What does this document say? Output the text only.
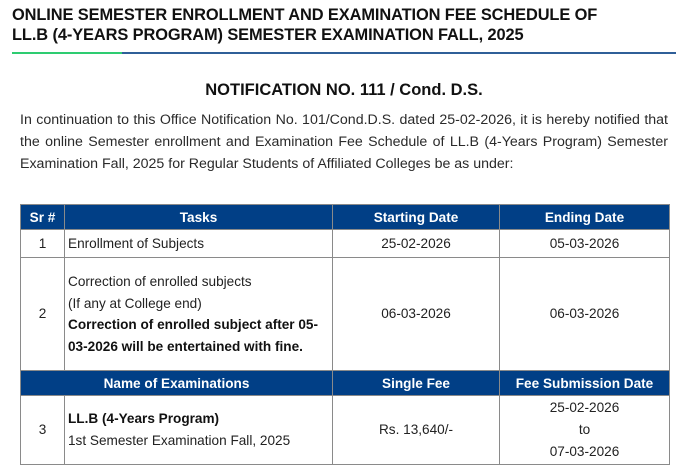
ONLINE SEMESTER ENROLLMENT AND EXAMINATION FEE SCHEDULE OF
LL.B (4-YEARS PROGRAM) SEMESTER EXAMINATION FALL, 2025
NOTIFICATION NO. 111 / Cond. D.S.
In continuation to this Office Notification No. 101/Cond.D.S. dated 25-02-2026, it is hereby notified that the online Semester enrollment and Examination Fee Schedule of LL.B (4-Years Program) Semester Examination Fall, 2025 for Regular Students of Affiliated Colleges be as under:
Sr #	Tasks	Starting Date	Ending Date
1	Enrollment of Subjects	25-02-2026	05-03-2026
2	Correction of enrolled subjects
(If any at College end)
Correction of enrolled subject after 05-03-2026 will be entertained with fine.	06-03-2026	06-03-2026
Name of Examinations		Single Fee	Fee Submission Date
3	LL.B (4-Years Program)
1st Semester Examination Fall, 2025	Rs. 13,640/-	25-02-2026
to
07-03-2026
